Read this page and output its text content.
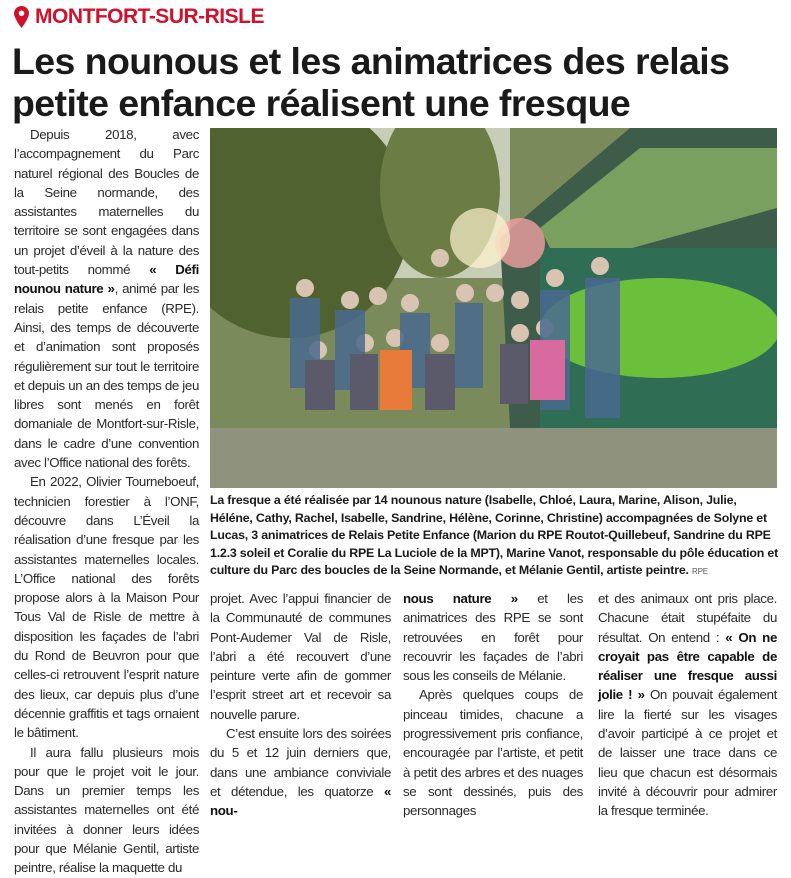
MONTFORT-SUR-RISLE
Les nounous et les animatrices des relais petite enfance réalisent une fresque

Depuis 2018, avec l’accompagnement du Parc naturel régional des Boucles de la Seine normande, des assistantes maternelles du territoire se sont engagées dans un projet d’éveil à la nature des tout-petits nommé « Défi nounou nature », animé par les relais petite enfance (RPE). Ainsi, des temps de découverte et d’animation sont proposés régulièrement sur tout le territoire et depuis un an des temps de jeu libres sont menés en forêt domaniale de Montfort-sur-Risle, dans le cadre d’une convention avec l’Office national des forêts.

En 2022, Olivier Tourneboeuf, technicien forestier à l’ONF, découvre dans L’Éveil la réalisation d’une fresque par les assistantes maternelles locales. L’Office national des forêts propose alors à la Maison Pour Tous Val de Risle de mettre à disposition les façades de l’abri du Rond de Beuvron pour que celles-ci retrouvent l’esprit nature des lieux, car depuis plus d’une décennie graffitis et tags ornaient le bâtiment.

Il aura fallu plusieurs mois pour que le projet voit le jour. Dans un premier temps les assistantes maternelles ont été invitées à donner leurs idées pour que Mélanie Gentil, artiste peintre, réalise la maquette du

La fresque a été réalisée par 14 nounous nature (Isabelle, Chloé, Laura, Marine, Alison, Julie, Héléne, Cathy, Rachel, Isabelle, Sandrine, Hélène, Corinne, Christine) accompagnées de Solyne et Lucas, 3 animatrices de Relais Petite Enfance (Marion du RPE Routot-Quillebeuf, Sandrine du RPE 1.2.3 soleil et Coralie du RPE La Luciole de la MPT), Marine Vanot, responsable du pôle éducation et culture du Parc des boucles de la Seine Normande, et Mélanie Gentil, artiste peintre. RPE

projet. Avec l’appui financier de la Communauté de communes Pont-Audemer Val de Risle, l’abri a été recouvert d’une peinture verte afin de gommer l’esprit street art et recevoir sa nouvelle parure.

C’est ensuite lors des soirées du 5 et 12 juin derniers que, dans une ambiance conviviale et détendue, les quatorze « nou-

nous nature » et les animatrices des RPE se sont retrouvées en forêt pour recouvrir les façades de l’abri sous les conseils de Mélanie.

Après quelques coups de pinceau timides, chacune a progressivement pris confiance, encouragée par l’artiste, et petit à petit des arbres et des nuages se sont dessinés, puis des personnages

et des animaux ont pris place. Chacune était stupéfaite du résultat. On entend : « On ne croyait pas être capable de réaliser une fresque aussi jolie ! » On pouvait également lire la fierté sur les visages d’avoir participé à ce projet et de laisser une trace dans ce lieu que chacun est désormais invité à découvrir pour admirer la fresque terminée.
